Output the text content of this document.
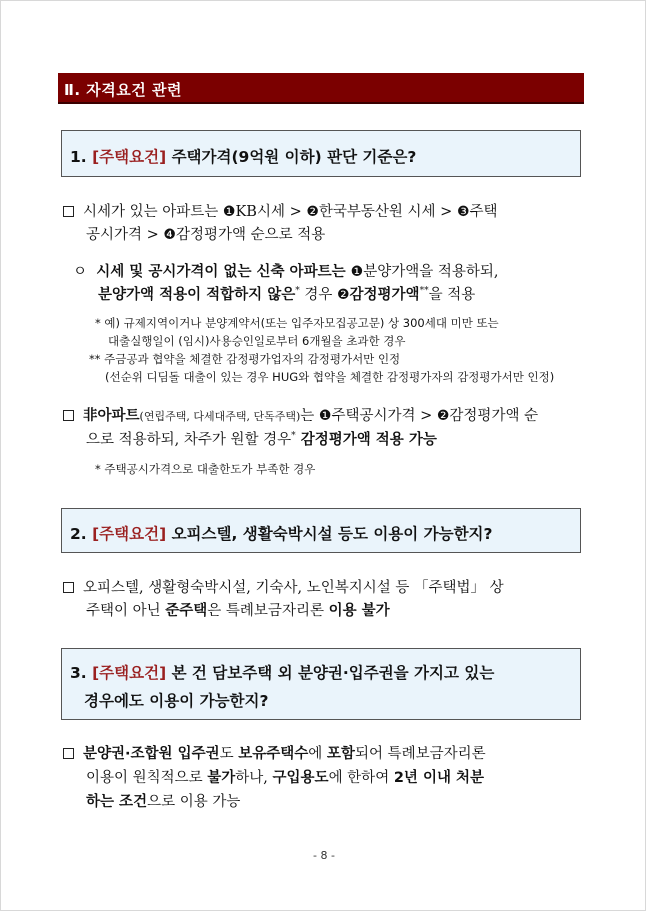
Ⅱ. 자격요건 관련
1. [주택요건] 주택가격(9억원 이하) 판단 기준은?
시세가 있는 아파트는 ❶KB시세 > ❷한국부동산원 시세 > ❸주택
공시가격 > ❹감정평가액 순으로 적용
ㅇ 시세 및 공시가격이 없는 신축 아파트는 ❶분양가액을 적용하되,
분양가액 적용이 적합하지 않은* 경우 ❷감정평가액**을 적용
* 예) 규제지역이거나 분양계약서(또는 입주자모집공고문) 상 300세대 미만 또는
대출실행일이 (임시)사용승인일로부터 6개월을 초과한 경우
** 주금공과 협약을 체결한 감정평가업자의 감정평가서만 인정
(선순위 디딤돌 대출이 있는 경우 HUG와 협약을 체결한 감정평가자의 감정평가서만 인정)
非아파트(연립주택, 다세대주택, 단독주택)는 ❶주택공시가격 > ❷감정평가액 순
으로 적용하되, 차주가 원할 경우* 감정평가액 적용 가능
* 주택공시가격으로 대출한도가 부족한 경우
2. [주택요건] 오피스텔, 생활숙박시설 등도 이용이 가능한지?
오피스텔, 생활형숙박시설, 기숙사, 노인복지시설 등 「주택법」 상
주택이 아닌 준주택은 특례보금자리론 이용 불가
3. [주택요건] 본 건 담보주택 외 분양권·입주권을 가지고 있는
경우에도 이용이 가능한지?
분양권·조합원 입주권도 보유주택수에 포함되어 특례보금자리론
이용이 원칙적으로 불가하나, 구입용도에 한하여 2년 이내 처분
하는 조건으로 이용 가능
- 8 -
